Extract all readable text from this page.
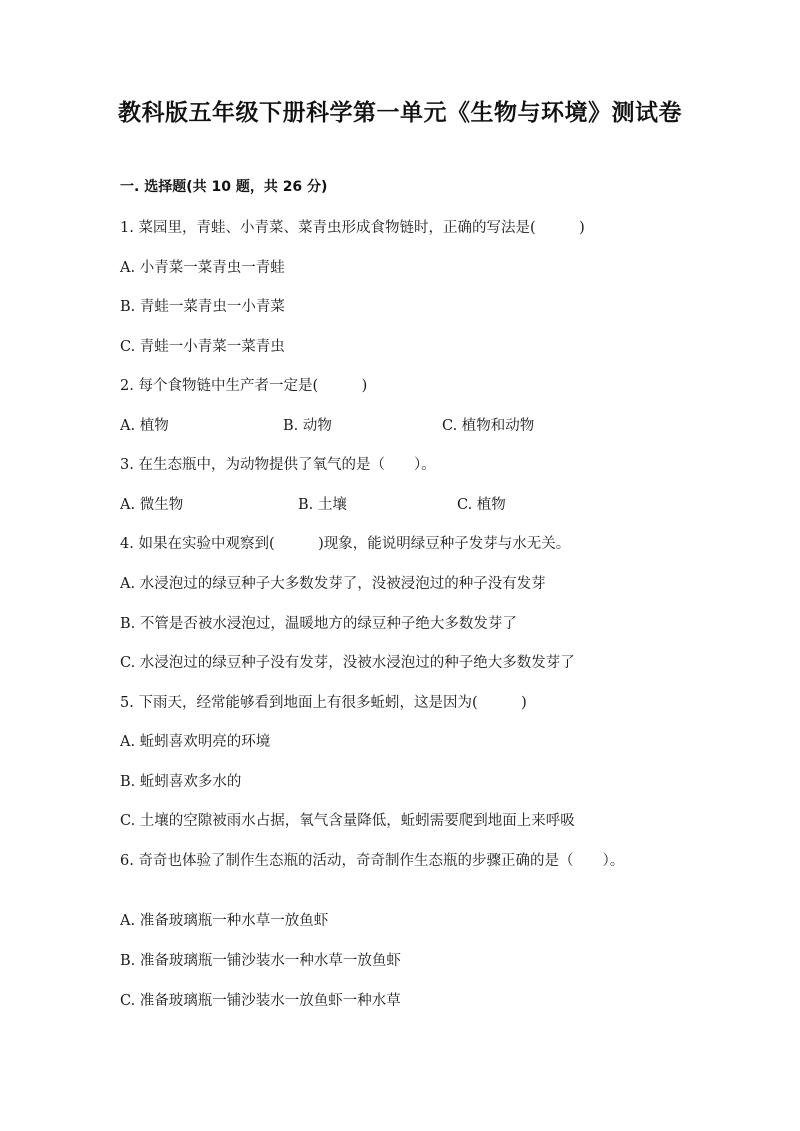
教科版五年级下册科学第一单元《生物与环境》测试卷
一. 选择题(共 10 题，共 26 分)
1. 菜园里，青蛙、小青菜、菜青虫形成食物链时，正确的写法是(　　　)
A. 小青菜一菜青虫一青蛙
B. 青蛙一菜青虫一小青菜
C. 青蛙一小青菜一菜青虫
2. 每个食物链中生产者一定是(　　　)
A. 植物	B. 动物	C. 植物和动物
3. 在生态瓶中，为动物提供了氧气的是（　　）。
A. 微生物	B. 土壤	C. 植物
4. 如果在实验中观察到(　　　)现象，能说明绿豆种子发芽与水无关。
A. 水浸泡过的绿豆种子大多数发芽了，没被浸泡过的种子没有发芽
B. 不管是否被水浸泡过，温暖地方的绿豆种子绝大多数发芽了
C. 水浸泡过的绿豆种子没有发芽，没被水浸泡过的种子绝大多数发芽了
5. 下雨天，经常能够看到地面上有很多蚯蚓，这是因为(　　　)
A. 蚯蚓喜欢明亮的环境
B. 蚯蚓喜欢多水的
C. 土壤的空隙被雨水占据，氧气含量降低，蚯蚓需要爬到地面上来呼吸
6. 奇奇也体验了制作生态瓶的活动，奇奇制作生态瓶的步骤正确的是（　　）。
A. 准备玻璃瓶一种水草一放鱼虾
B. 准备玻璃瓶一铺沙装水一种水草一放鱼虾
C. 准备玻璃瓶一铺沙装水一放鱼虾一种水草
